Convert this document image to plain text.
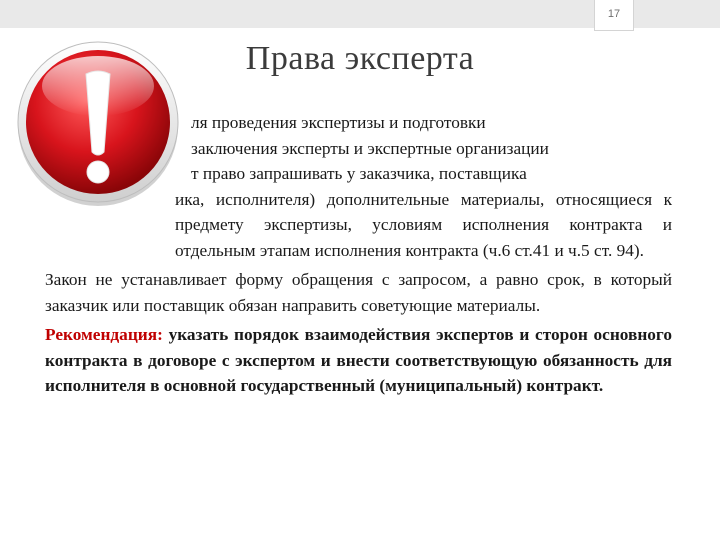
17
Права эксперта

ля проведения экспертизы и подготовки
заключения эксперты и экспертные организации
т право запрашивать у заказчика, поставщика
ика, исполнителя) дополнительные материалы, относящиеся к предмету экспертизы, условиям исполнения контракта и отдельным этапам исполнения контракта (ч.6 ст.41 и ч.5 ст. 94).

Закон не устанавливает форму обращения с запросом, а равно срок, в который заказчик или поставщик обязан направить советующие материалы.

Рекомендация: указать порядок взаимодействия экспертов и сторон основного контракта в договоре с экспертом и внести соответствующую обязанность для исполнителя в основной государственный (муниципальный) контракт.
